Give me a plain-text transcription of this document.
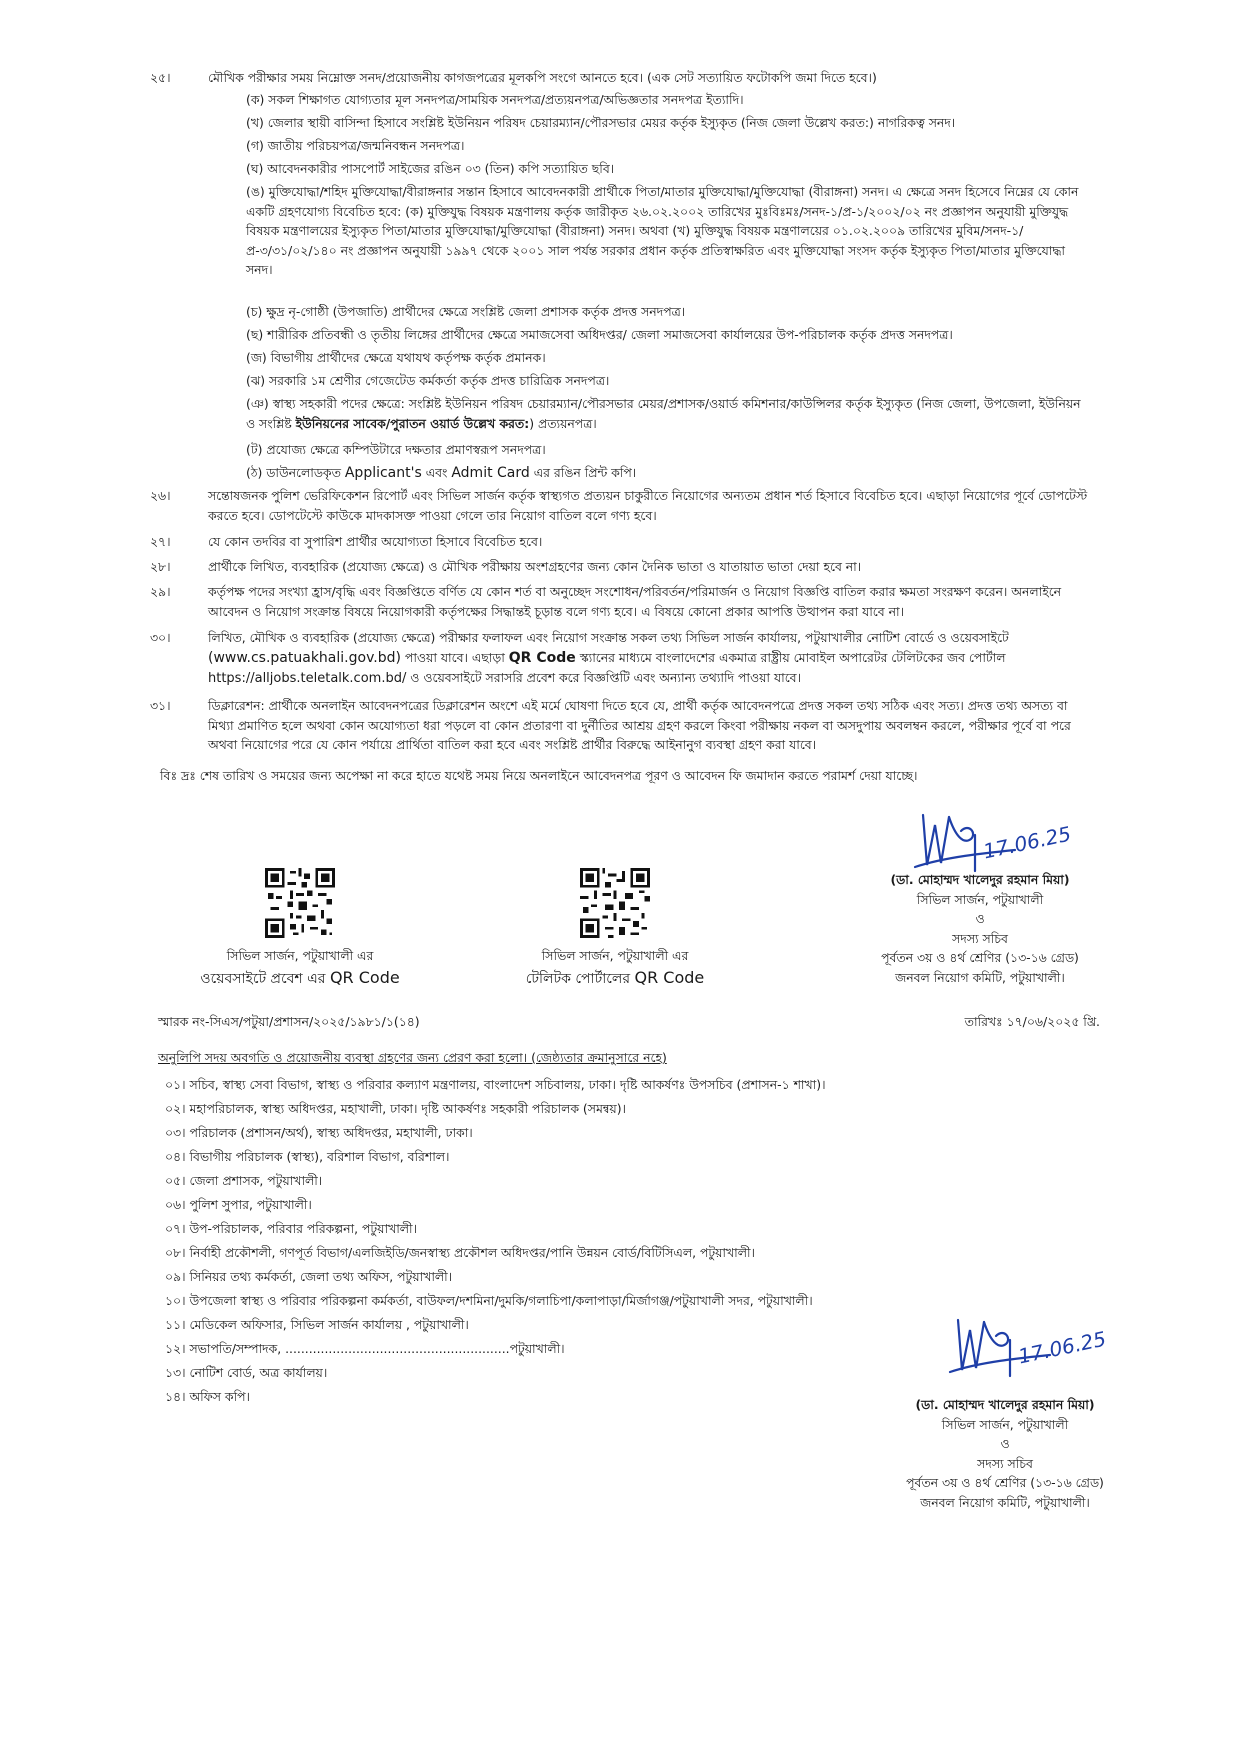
২৫।	মৌখিক পরীক্ষার সময় নিম্নোক্ত সনদ/প্রয়োজনীয় কাগজপত্রের মূলকপি সংগে আনতে হবে। (এক সেট সত্যায়িত ফটোকপি জমা দিতে হবে।)
(ক) সকল শিক্ষাগত যোগ্যতার মূল সনদপত্র/সাময়িক সনদপত্র/প্রত্যয়নপত্র/অভিজ্ঞতার সনদপত্র ইত্যাদি।
(খ) জেলার স্থায়ী বাসিন্দা হিসাবে সংশ্লিষ্ট ইউনিয়ন পরিষদ চেয়ারম্যান/পৌরসভার মেয়র কর্তৃক ইস্যুকৃত (নিজ জেলা উল্লেখ করত:) নাগরিকত্ব সনদ।
(গ) জাতীয় পরিচয়পত্র/জন্মনিবন্ধন সনদপত্র।
(ঘ) আবেদনকারীর পাসপোর্ট সাইজের রঙিন ০৩ (তিন) কপি সত্যায়িত ছবি।
(ঙ) মুক্তিযোদ্ধা/শহিদ মুক্তিযোদ্ধা/বীরাঙ্গনার সন্তান হিসাবে আবেদনকারী প্রার্থীকে পিতা/মাতার মুক্তিযোদ্ধা/মুক্তিযোদ্ধা (বীরাঙ্গনা) সনদ। এ ক্ষেত্রে সনদ হিসেবে নিম্নের যে কোন একটি গ্রহণযোগ্য বিবেচিত হবে: (ক) মুক্তিযুদ্ধ বিষয়ক মন্ত্রণালয় কর্তৃক জারীকৃত ২৬.০২.২০০২ তারিখের মুঃবিঃমঃ/সনদ-১/প্র-১/২০০২/০২ নং প্রজ্ঞাপন অনুযায়ী মুক্তিযুদ্ধ বিষয়ক মন্ত্রণালয়ের ইস্যুকৃত পিতা/মাতার মুক্তিযোদ্ধা/মুক্তিযোদ্ধা (বীরাঙ্গনা) সনদ। অথবা (খ) মুক্তিযুদ্ধ বিষয়ক মন্ত্রণালয়ের ০১.০২.২০০৯ তারিখের মুবিম/সনদ-১/প্র-৩/৩১/০২/১৪০ নং প্রজ্ঞাপন অনুযায়ী ১৯৯৭ থেকে ২০০১ সাল পর্যন্ত সরকার প্রধান কর্তৃক প্রতিস্বাক্ষরিত এবং মুক্তিযোদ্ধা সংসদ কর্তৃক ইস্যুকৃত পিতা/মাতার মুক্তিযোদ্ধা সনদ।
(চ) ক্ষুদ্র নৃ-গোষ্ঠী (উপজাতি) প্রার্থীদের ক্ষেত্রে সংশ্লিষ্ট জেলা প্রশাসক কর্তৃক প্রদত্ত সনদপত্র।
(ছ) শারীরিক প্রতিবন্ধী ও তৃতীয় লিঙ্গের প্রার্থীদের ক্ষেত্রে সমাজসেবা অধিদপ্তর/ জেলা সমাজসেবা কার্যালয়ের উপ-পরিচালক কর্তৃক প্রদত্ত সনদপত্র।
(জ) বিভাগীয় প্রার্থীদের ক্ষেত্রে যথাযথ কর্তৃপক্ষ কর্তৃক প্রমানক।
(ঝ) সরকারি ১ম শ্রেণীর গেজেটেড কর্মকর্তা কর্তৃক প্রদত্ত চারিত্রিক সনদপত্র।
(ঞ) স্বাস্থ্য সহকারী পদের ক্ষেত্রে: সংশ্লিষ্ট ইউনিয়ন পরিষদ চেয়ারম্যান/পৌরসভার মেয়র/প্রশাসক/ওয়ার্ড কমিশনার/কাউন্সিলর কর্তৃক ইস্যুকৃত (নিজ জেলা, উপজেলা, ইউনিয়ন ও সংশ্লিষ্ট ইউনিয়নের সাবেক/পুরাতন ওয়ার্ড উল্লেখ করত:) প্রত্যয়নপত্র।
(ট) প্রযোজ্য ক্ষেত্রে কম্পিউটারে দক্ষতার প্রমাণস্বরূপ সনদপত্র।
(ঠ) ডাউনলোডকৃত Applicant's এবং Admit Card এর রঙিন প্রিন্ট কপি।
২৬।	সন্তোষজনক পুলিশ ভেরিফিকেশন রিপোর্ট এবং সিভিল সার্জন কর্তৃক স্বাস্থ্যগত প্রত্যয়ন চাকুরীতে নিয়োগের অন্যতম প্রধান শর্ত হিসাবে বিবেচিত হবে। এছাড়া নিয়োগের পূর্বে ডোপটেস্ট করতে হবে। ডোপটেস্টে কাউকে মাদকাসক্ত পাওয়া গেলে তার নিয়োগ বাতিল বলে গণ্য হবে।
২৭।	যে কোন তদবির বা সুপারিশ প্রার্থীর অযোগ্যতা হিসাবে বিবেচিত হবে।
২৮।	প্রার্থীকে লিখিত, ব্যবহারিক (প্রযোজ্য ক্ষেত্রে) ও মৌখিক পরীক্ষায় অংশগ্রহণের জন্য কোন দৈনিক ভাতা ও যাতায়াত ভাতা দেয়া হবে না।
২৯।	কর্তৃপক্ষ পদের সংখ্যা হ্রাস/বৃদ্ধি এবং বিজ্ঞপ্তিতে বর্ণিত যে কোন শর্ত বা অনুচ্ছেদ সংশোধন/পরিবর্তন/পরিমার্জন ও নিয়োগ বিজ্ঞপ্তি বাতিল করার ক্ষমতা সংরক্ষণ করেন। অনলাইনে আবেদন ও নিয়োগ সংক্রান্ত বিষয়ে নিয়োগকারী কর্তৃপক্ষের সিদ্ধান্তই চূড়ান্ত বলে গণ্য হবে। এ বিষয়ে কোনো প্রকার আপত্তি উত্থাপন করা যাবে না।
৩০।	লিখিত, মৌখিক ও ব্যবহারিক (প্রযোজ্য ক্ষেত্রে) পরীক্ষার ফলাফল এবং নিয়োগ সংক্রান্ত সকল তথ্য সিভিল সার্জন কার্যালয়, পটুয়াখালীর নোটিশ বোর্ডে ও ওয়েবসাইটে (www.cs.patuakhali.gov.bd) পাওয়া যাবে। এছাড়া QR Code স্ক্যানের মাধ্যমে বাংলাদেশের একমাত্র রাষ্ট্রীয় মোবাইল অপারেটর টেলিটকের জব পোর্টাল https://alljobs.teletalk.com.bd/ ও ওয়েবসাইটে সরাসরি প্রবেশ করে বিজ্ঞপ্তিটি এবং অন্যান্য তথ্যাদি পাওয়া যাবে।
৩১।	ডিক্লারেশন: প্রার্থীকে অনলাইন আবেদনপত্রের ডিক্লারেশন অংশে এই মর্মে ঘোষণা দিতে হবে যে, প্রার্থী কর্তৃক আবেদনপত্রে প্রদত্ত সকল তথ্য সঠিক এবং সত্য। প্রদত্ত তথ্য অসত্য বা মিথ্যা প্রমাণিত হলে অথবা কোন অযোগ্যতা ধরা পড়লে বা কোন প্রতারণা বা দুর্নীতির আশ্রয় গ্রহণ করলে কিংবা পরীক্ষায় নকল বা অসদুপায় অবলম্বন করলে, পরীক্ষার পূর্বে বা পরে অথবা নিয়োগের পরে যে কোন পর্যায়ে প্রার্থিতা বাতিল করা হবে এবং সংশ্লিষ্ট প্রার্থীর বিরুদ্ধে আইনানুগ ব্যবস্থা গ্রহণ করা যাবে।
বিঃ দ্রঃ শেষ তারিখ ও সময়ের জন্য অপেক্ষা না করে হাতে যথেষ্ট সময় নিয়ে অনলাইনে আবেদনপত্র পূরণ ও আবেদন ফি জমাদান করতে পরামর্শ দেয়া যাচ্ছে।
17.06.25
সিভিল সার্জন, পটুয়াখালী এর
ওয়েবসাইটে প্রবেশ এর QR Code
সিভিল সার্জন, পটুয়াখালী এর
টেলিটক পোর্টালের QR Code
(ডা. মোহাম্মদ খালেদুর রহমান মিয়া)
সিভিল সার্জন, পটুয়াখালী
ও
সদস্য সচিব
পূর্বতন ৩য় ও ৪র্থ শ্রেণির (১৩-১৬ গ্রেড)
জনবল নিয়োগ কমিটি, পটুয়াখালী।
স্মারক নং-সিএস/পটুয়া/প্রশাসন/২০২৫/১৯৮১/১(১৪)	তারিখঃ ১৭/০৬/২০২৫ খ্রি.
অনুলিপি সদয় অবগতি ও প্রয়োজনীয় ব্যবস্থা গ্রহণের জন্য প্রেরণ করা হলো। (জেষ্ঠ্যতার ক্রমানুসারে নহে)
০১। সচিব, স্বাস্থ্য সেবা বিভাগ, স্বাস্থ্য ও পরিবার কল্যাণ মন্ত্রণালয়, বাংলাদেশ সচিবালয়, ঢাকা। দৃষ্টি আকর্ষণঃ উপসচিব (প্রশাসন-১ শাখা)।
০২। মহাপরিচালক, স্বাস্থ্য অধিদপ্তর, মহাখালী, ঢাকা। দৃষ্টি আকর্ষণঃ সহকারী পরিচালক (সমন্বয়)।
০৩। পরিচালক (প্রশাসন/অর্থ), স্বাস্থ্য অধিদপ্তর, মহাখালী, ঢাকা।
০৪। বিভাগীয় পরিচালক (স্বাস্থ্য), বরিশাল বিভাগ, বরিশাল।
০৫। জেলা প্রশাসক, পটুয়াখালী।
০৬। পুলিশ সুপার, পটুয়াখালী।
০৭। উপ-পরিচালক, পরিবার পরিকল্পনা, পটুয়াখালী।
০৮। নির্বাহী প্রকৌশলী, গণপূর্ত বিভাগ/এলজিইডি/জনস্বাস্থ্য প্রকৌশল অধিদপ্তর/পানি উন্নয়ন বোর্ড/বিটিসিএল, পটুয়াখালী।
০৯। সিনিয়র তথ্য কর্মকর্তা, জেলা তথ্য অফিস, পটুয়াখালী।
১০। উপজেলা স্বাস্থ্য ও পরিবার পরিকল্পনা কর্মকর্তা, বাউফল/দশমিনা/দুমকি/গলাচিপা/কলাপাড়া/মির্জাগঞ্জ/পটুয়াখালী সদর, পটুয়াখালী।
১১। মেডিকেল অফিসার, সিভিল সার্জন কার্যালয় , পটুয়াখালী।
১২। সভাপতি/সম্পাদক, .........................................................পটুয়াখালী।
১৩। নোটিশ বোর্ড, অত্র কার্যালয়।
১৪। অফিস কপি।
17.06.25
(ডা. মোহাম্মদ খালেদুর রহমান মিয়া)
সিভিল সার্জন, পটুয়াখালী
ও
সদস্য সচিব
পূর্বতন ৩য় ও ৪র্থ শ্রেণির (১৩-১৬ গ্রেড)
জনবল নিয়োগ কমিটি, পটুয়াখালী।
